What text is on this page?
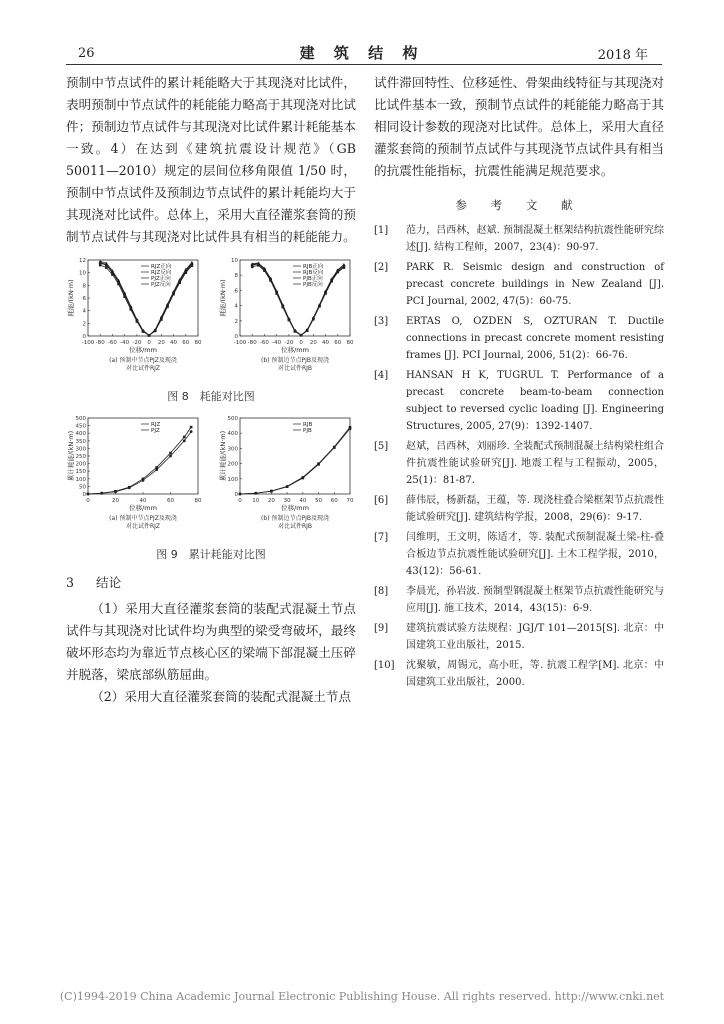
26	建 筑 结 构	2018 年

预制中节点试件的累计耗能略大于其现浇对比试件，表明预制中节点试件的耗能能力略高于其现浇对比试件；预制边节点试件与其现浇对比试件累计耗能基本一致。4）在达到《建筑抗震设计规范》（GB 50011—2010）规定的层间位移角限值 1/50 时，预制中节点试件及预制边节点试件的累计耗能均大于其现浇对比试件。总体上，采用大直径灌浆套筒的预制节点试件与其现浇对比试件具有相当的耗能能力。

-100 -80 -60 -40 -20 0 20 40 60 80
0
2
4
6
8
10
12
位移/mm
耗能/(kN·m)
RJZ正向
RJZ反向
PJZ正向
PJZ反向
(a) 预制中节点PJZ及现浇
对比试件RJZ
-100 -80 -60 -40 -20 0 20 40 60 80
0
2
4
6
8
10
位移/mm
耗能/(kN·m)
RJB正向
RJB反向
PJB正向
PJB反向
(b) 预制边节点PJB及现浇
对比试件RJB
图 8　耗能对比图
0	20	40	60	80
0
50
100
150
200
250
300
350
400
450
500
位移/mm
累计耗能/(kN·m)
RJZ
PJZ
(a) 预制中节点PJZ及现浇
对比试件RJZ
0 10 20 30 40 50 60 70
0
100
200
300
400
500
位移/mm
累计耗能/(kN·m)
RJB
PJB
(b) 预制边节点PJB及现浇
对比试件RJB
图 9　累计耗能对比图
3 结论

（1）采用大直径灌浆套筒的装配式混凝土节点试件与其现浇对比试件均为典型的梁受弯破坏，最终破坏形态均为靠近节点核心区的梁端下部混凝土压碎并脱落，梁底部纵筋屈曲。

（2）采用大直径灌浆套筒的装配式混凝土节点

试件滞回特性、位移延性、骨架曲线特征与其现浇对比试件基本一致，预制节点试件的耗能能力略高于其相同设计参数的现浇对比试件。总体上，采用大直径灌浆套筒的预制节点试件与其现浇节点试件具有相当的抗震性能指标，抗震性能满足规范要求。

参 考 文 献
[1]	范力，吕西林，赵斌. 预制混凝土框架结构抗震性能研究综述[J]. 结构工程师，2007，23(4)：90-97.
[2]	PARK R. Seismic design and construction of precast concrete buildings in New Zealand [J]. PCI Journal, 2002, 47(5)：60-75.
[3]	ERTAS O, OZDEN S, OZTURAN T. Ductile connections in precast concrete moment resisting frames [J]. PCI Journal, 2006, 51(2)：66-76.
[4]	HANSAN H K, TUGRUL T. Performance of a precast concrete beam-to-beam connection subject to reversed cyclic loading [J]. Engineering Structures, 2005, 27(9)：1392-1407.
[5]	赵斌，吕西林，刘丽珍. 全装配式预制混凝土结构梁柱组合件抗震性能试验研究[J]. 地震工程与工程振动，2005，25(1)：81-87.
[6]	薛伟辰，杨新磊，王蕴，等. 现浇柱叠合梁框架节点抗震性能试验研究[J]. 建筑结构学报，2008，29(6)：9-17.
[7]	闫维明，王文明，陈适才，等. 装配式预制混凝土梁-柱-叠合板边节点抗震性能试验研究[J]. 土木工程学报，2010，43(12)：56-61.
[8]	李晨光，孙岩波. 预制型钢混凝土框架节点抗震性能研究与应用[J]. 施工技术，2014，43(15)：6-9.
[9]	建筑抗震试验方法规程：JGJ/T 101—2015[S]. 北京：中国建筑工业出版社，2015.
[10]	沈聚敏，周锡元，高小旺，等. 抗震工程学[M]. 北京：中国建筑工业出版社，2000.
(C)1994-2019 China Academic Journal Electronic Publishing House. All rights reserved. http://www.cnki.net
